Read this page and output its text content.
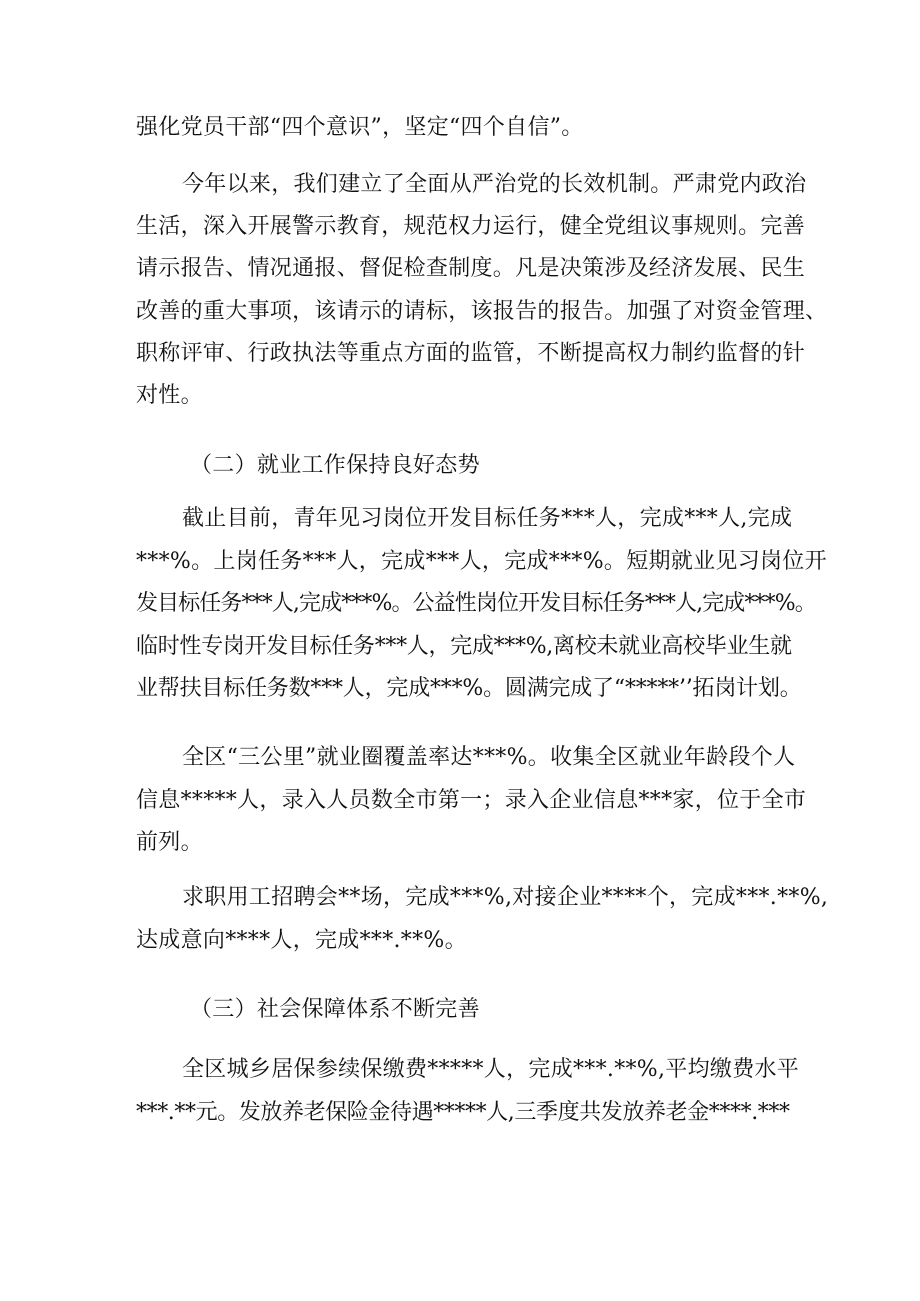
强化党员干部“四个意识”，坚定“四个自信”。

今年以来，我们建立了全面从严治党的长效机制。严肃党内政治

生活，深入开展警示教育，规范权力运行，健全党组议事规则。完善

请示报告、情况通报、督促检查制度。凡是决策涉及经济发展、民生

改善的重大事项，该请示的请标，该报告的报告。加强了对资金管理、

职称评审、行政执法等重点方面的监管，不断提高权力制约监督的针

对性。

（二）就业工作保持良好态势

截止目前，青年见习岗位开发目标任务***人，完成***人,完成

***%。上岗任务***人，完成***人，完成***%。短期就业见习岗位开

发目标任务***人,完成***%。公益性岗位开发目标任务***人,完成***%。

临时性专岗开发目标任务***人，完成***%,离校未就业高校毕业生就

业帮扶目标任务数***人，完成***%。圆满完成了“*****’’拓岗计划。

全区“三公里”就业圈覆盖率达***%。收集全区就业年龄段个人

信息*****人，录入人员数全市第一；录入企业信息***家，位于全市

前列。

求职用工招聘会**场，完成***%,对接企业****个，完成***.**%,

达成意向****人，完成***.**%。

（三）社会保障体系不断完善

全区城乡居保参续保缴费*****人，完成***.**%,平均缴费水平

***.**元。发放养老保险金待遇*****人,三季度共发放养老金****.***
